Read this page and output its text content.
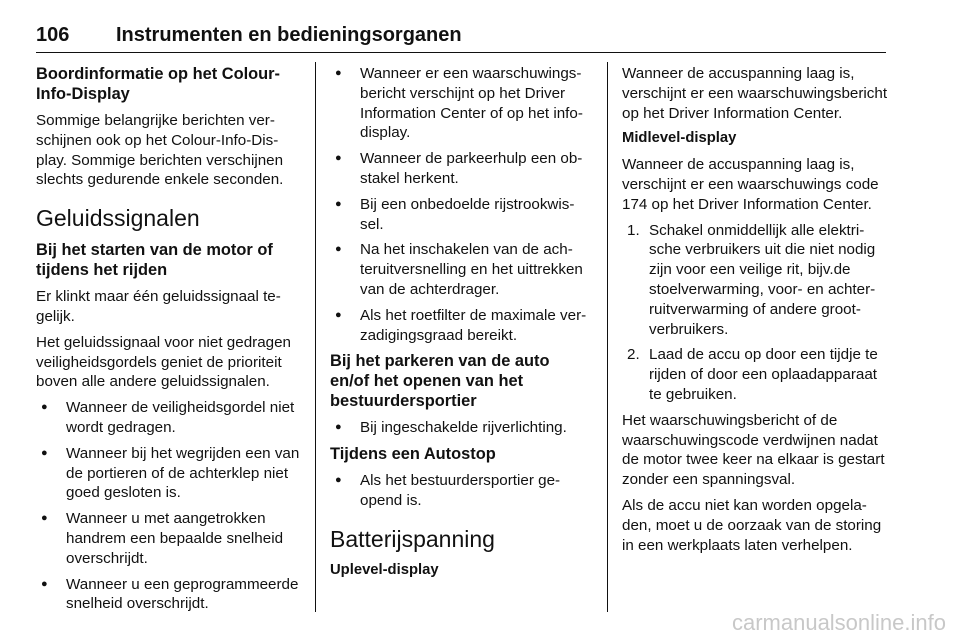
106 Instrumenten en bedieningsorganen
Boordinformatie op het Colour-Info-Display

Sommige belangrijke berichten verschijnen ook op het Colour-Info-Display. Sommige berichten verschijnen slechts gedurende enkele seconden.

Geluidssignalen
Bij het starten van de motor of tijdens het rijden

Er klinkt maar één geluidssignaal tegelijk.

Het geluidssignaal voor niet gedragen veiligheidsgordels geniet de prioriteit boven alle andere geluidssignalen.

● Wanneer de veiligheidsgordel niet wordt gedragen.
● Wanneer bij het wegrijden een van de portieren of de achterklep niet goed gesloten is.
● Wanneer u met aangetrokken handrem een bepaalde snelheid overschrijdt.
● Wanneer u een geprogrammeerde snelheid overschrijdt.
● Wanneer er een waarschuwingsbericht verschijnt op het Driver Information Center of op het info-display.
● Wanneer de parkeerhulp een obstakel herkent.
● Bij een onbedoelde rijstrookwissel.
● Na het inschakelen van de achteruitversnelling en het uittrekken van de achterdrager.
● Als het roetfilter de maximale verzadigingsgraad bereikt.
Bij het parkeren van de auto en/of het openen van het bestuurdersportier
● Bij ingeschakelde rijverlichting.
Tijdens een Autostop
● Als het bestuurdersportier geopend is.
Batterijspanning
Uplevel-display

Wanneer de accuspanning laag is, verschijnt er een waarschuwingsbericht op het Driver Information Center.

Midlevel-display

Wanneer de accuspanning laag is, verschijnt er een waarschuwings code 174 op het Driver Information Center.

1. Schakel onmiddellijk alle elektrische verbruikers uit die niet nodig zijn voor een veilige rit, bijv.de stoelverwarming, voor- en achterruitverwarming of andere grootverbruikers.
2. Laad de accu op door een tijdje te rijden of door een oplaadapparaat te gebruiken.

Het waarschuwingsbericht of de waarschuwingscode verdwijnen nadat de motor twee keer na elkaar is gestart zonder een spanningsval.

Als de accu niet kan worden opgeladen, moet u de oorzaak van de storing in een werkplaats laten verhelpen.

carmanualsonline.info
